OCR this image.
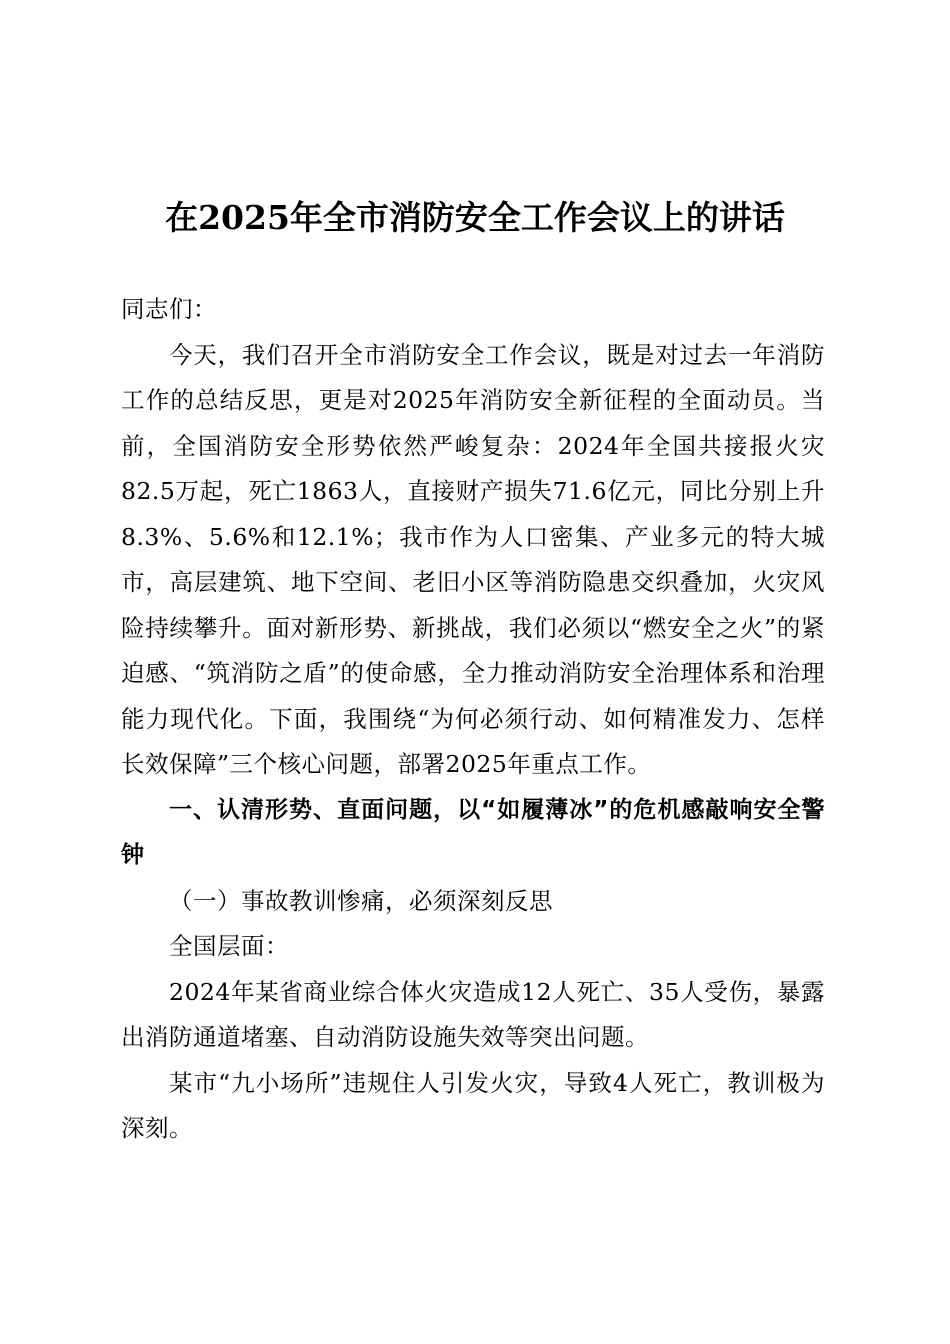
在2025年全市消防安全工作会议上的讲话

同志们：

今天，我们召开全市消防安全工作会议，既是对过去一年消防工作的总结反思，更是对2025年消防安全新征程的全面动员。当前，全国消防安全形势依然严峻复杂：2024年全国共接报火灾82.5万起，死亡1863人，直接财产损失71.6亿元，同比分别上升8.3%、5.6%和12.1%；我市作为人口密集、产业多元的特大城市，高层建筑、地下空间、老旧小区等消防隐患交织叠加，火灾风险持续攀升。面对新形势、新挑战，我们必须以“燃安全之火”的紧迫感、“筑消防之盾”的使命感，全力推动消防安全治理体系和治理能力现代化。下面，我围绕“为何必须行动、如何精准发力、怎样长效保障”三个核心问题，部署2025年重点工作。

一、认清形势、直面问题，以“如履薄冰”的危机感敲响安全警钟

（一）事故教训惨痛，必须深刻反思

全国层面：

2024年某省商业综合体火灾造成12人死亡、35人受伤，暴露出消防通道堵塞、自动消防设施失效等突出问题。

某市“九小场所”违规住人引发火灾，导致4人死亡，教训极为深刻。
